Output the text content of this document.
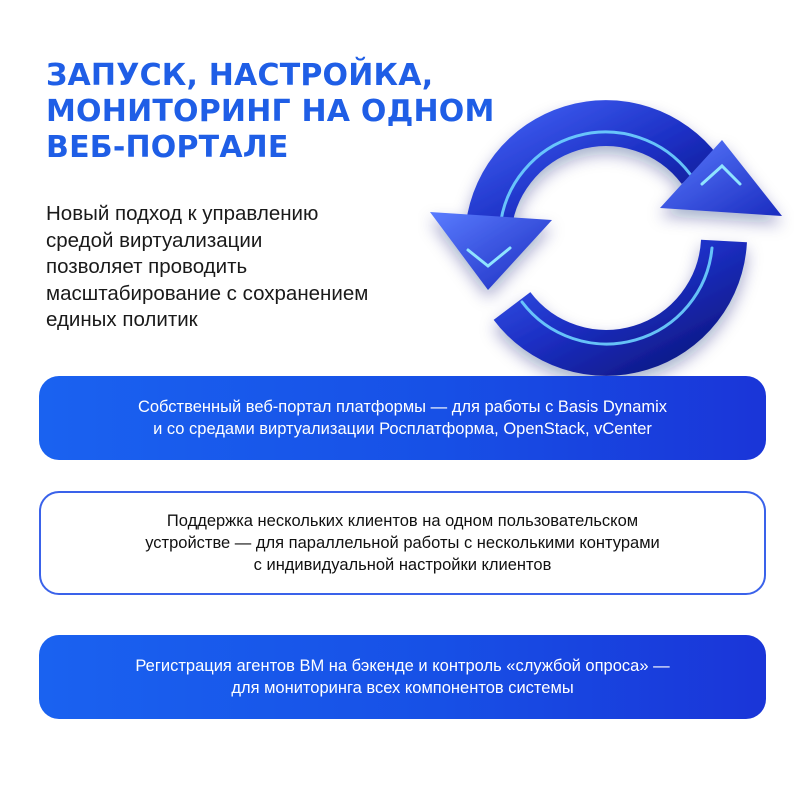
ЗАПУСК, НАСТРОЙКА,
МОНИТОРИНГ НА ОДНОМ
ВЕБ-ПОРТАЛЕ
Новый подход к управлению
средой виртуализации
позволяет проводить
масштабирование с сохранением
единых политик
Собственный веб-портал платформы — для работы с Basis Dynamix
и со средами виртуализации Росплатформа, OpenStack, vCenter
Поддержка нескольких клиентов на одном пользовательском
устройстве — для параллельной работы с несколькими контурами
с индивидуальной настройки клиентов
Регистрация агентов ВМ на бэкенде и контроль «службой опроса» —
для мониторинга всех компонентов системы
